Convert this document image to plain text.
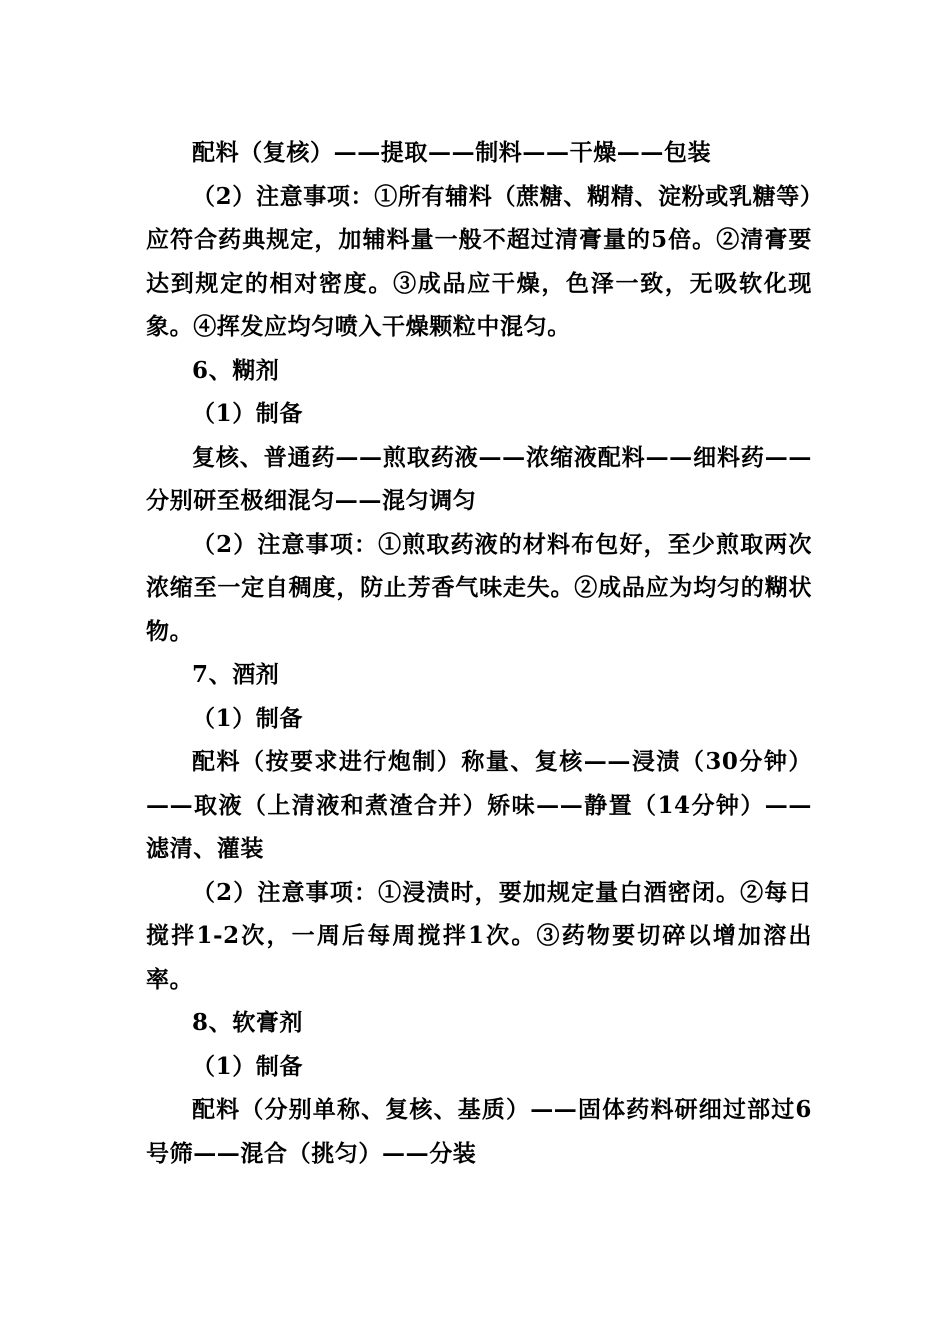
配料（复核）——提取——制料——干燥——包装

（2）注意事项：①所有辅料（蔗糖、糊精、淀粉或乳糖等）应符合药典规定，加辅料量一般不超过清膏量的5倍。②清膏要达到规定的相对密度。③成品应干燥，色泽一致，无吸软化现象。④挥发应均匀喷入干燥颗粒中混匀。

6、糊剂

（1）制备

复核、普通药——煎取药液——浓缩液配料——细料药——分别研至极细混匀——混匀调匀

（2）注意事项：①煎取药液的材料布包好，至少煎取两次浓缩至一定自稠度，防止芳香气味走失。②成品应为均匀的糊状物。

7、酒剂

（1）制备

配料（按要求进行炮制）称量、复核——浸渍（30分钟）——取液（上清液和煮渣合并）矫味——静置（14分钟）——滤清、灌装

（2）注意事项：①浸渍时，要加规定量白酒密闭。②每日搅拌1-2次，一周后每周搅拌1次。③药物要切碎以增加溶出率。

8、软膏剂

（1）制备

配料（分别单称、复核、基质）——固体药料研细过部过6号筛——混合（挑匀）——分装
